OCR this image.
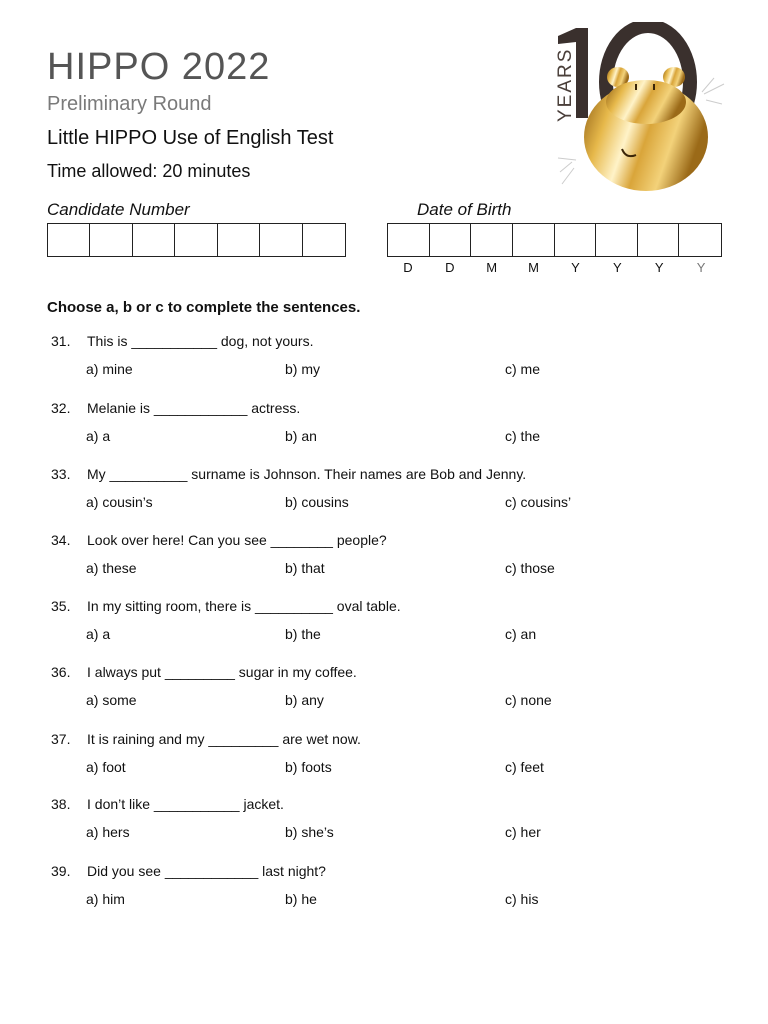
HIPPO 2022
Preliminary Round
Little HIPPO Use of English Test
Time allowed: 20 minutes
YEARS
Candidate Number	Date of Birth
D	D	M	M	Y	Y	Y	Y

Choose a, b or c to complete the sentences.

31. This is ___________ dog, not yours.
a) mine	b) my	c) me
32. Melanie is ____________ actress.
a) a	b) an	c) the
33. My __________ surname is Johnson. Their names are Bob and Jenny.
a) cousin’s	b) cousins	c) cousins’
34. Look over here! Can you see ________ people?
a) these	b) that	c) those
35. In my sitting room, there is __________ oval table.
a) a	b) the	c) an
36. I always put _________ sugar in my coffee.
a) some	b) any	c) none
37. It is raining and my _________ are wet now.
a) foot	b) foots	c) feet
38. I don’t like ___________ jacket.
a) hers	b) she’s	c) her
39. Did you see ____________ last night?
a) him	b) he	c) his
